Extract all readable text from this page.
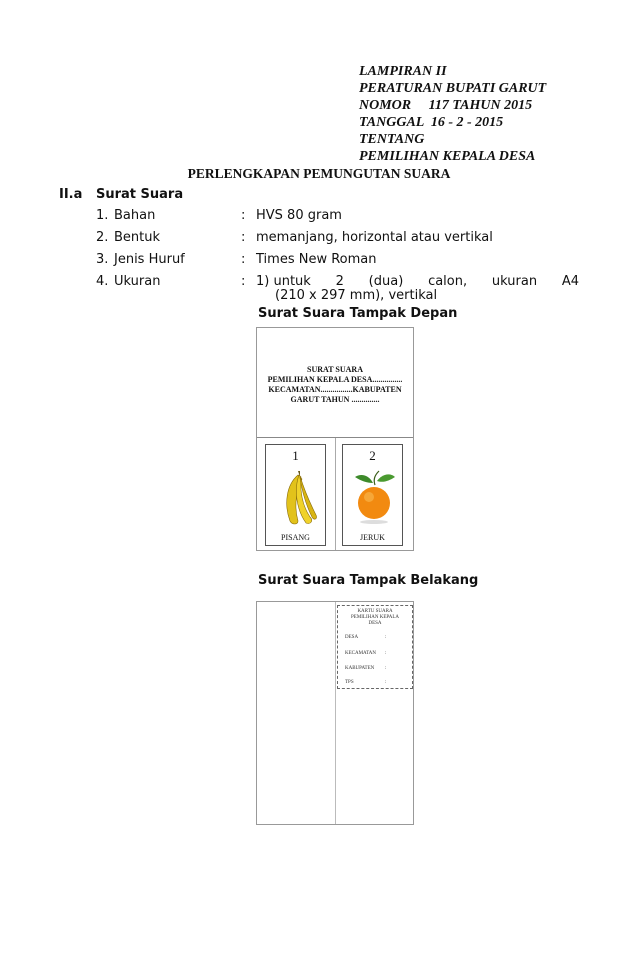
LAMPIRAN II
PERATURAN BUPATI GARUT
NOMOR     117 TAHUN 2015
TANGGAL  16 - 2 - 2015
TENTANG
PEMILIHAN KEPALA DESA
PERLENGKAPAN PEMUNGUTAN SUARA
II.a Surat Suara
1. Bahan	: HVS 80 gram
2. Bentuk	: memanjang, horizontal atau vertikal
3. Jenis Huruf	: Times New Roman
4. Ukuran	: 1) untuk      2      (dua)      calon,      ukuran      A4
(210 x 297 mm), vertikal
Surat Suara Tampak Depan
SURAT SUARA
PEMILIHAN KEPALA DESA...............
KECAMATAN................KABUPATEN
GARUT TAHUN ..............
1
PISANG
2
JERUK
Surat Suara Tampak Belakang
KARTU SUARA
PEMILIHAN KEPALA
DESA
DESA	:
KECAMATAN :
KABUPATEN :
TPS	:
